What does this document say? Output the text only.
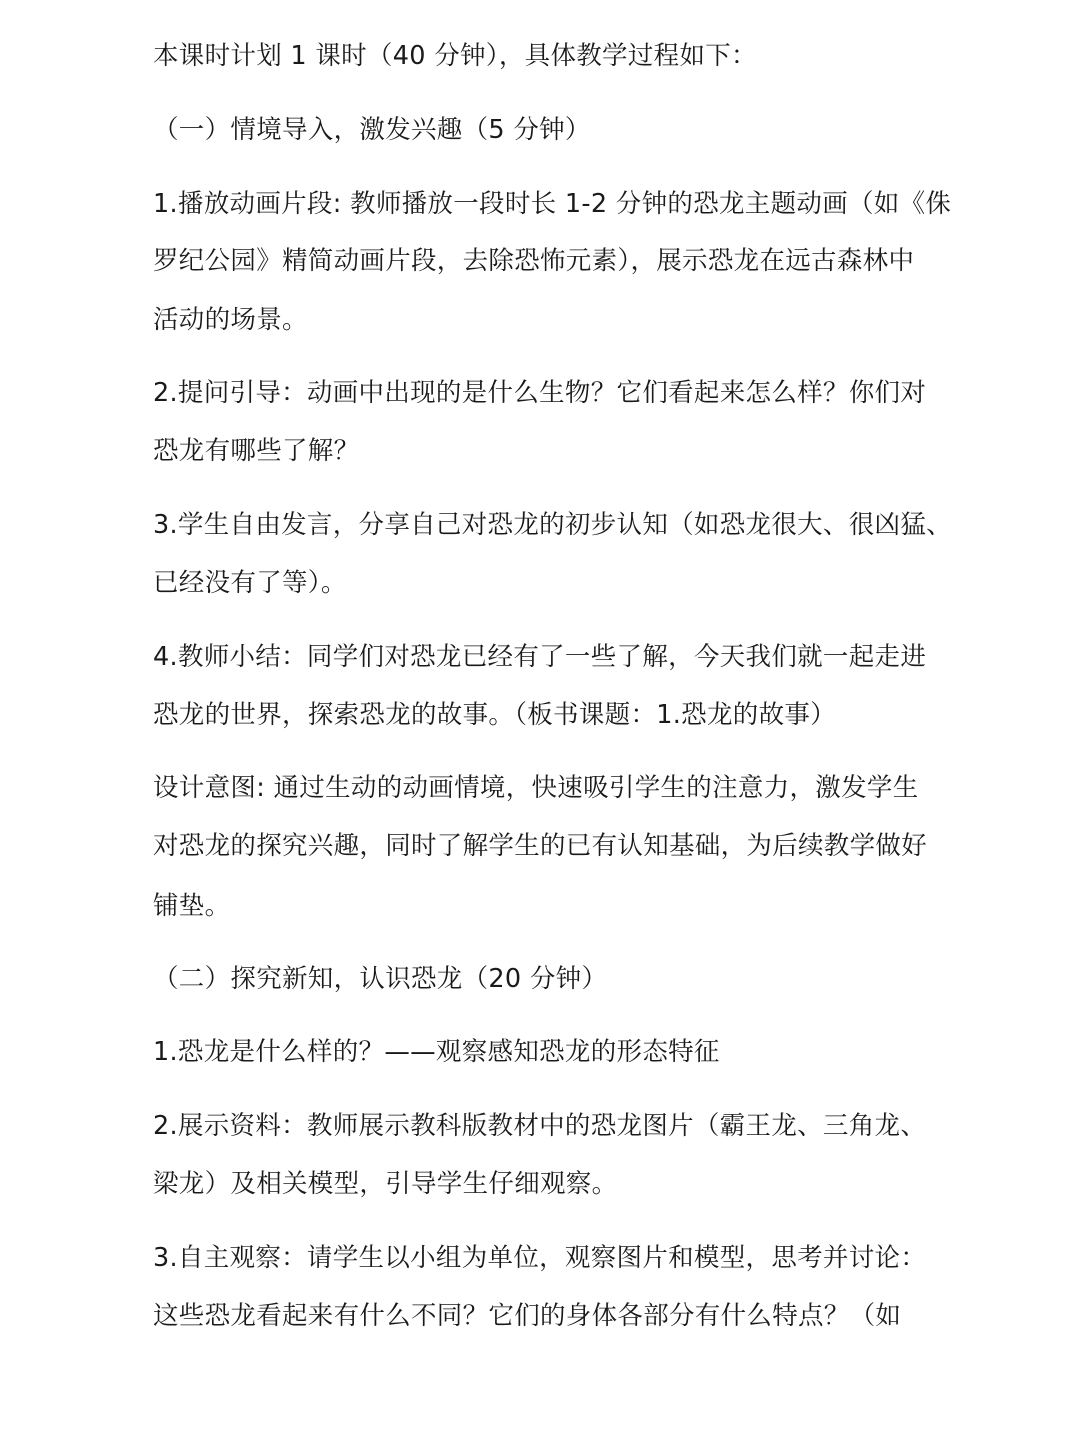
本课时计划 1 课时（40 分钟），具体教学过程如下：
（一）情境导入，激发兴趣（5 分钟）
1.播放动画片段: 教师播放一段时长 1-2 分钟的恐龙主题动画（如《侏
罗纪公园》精简动画片段，去除恐怖元素），展示恐龙在远古森林中
活动的场景。
2.提问引导：动画中出现的是什么生物？它们看起来怎么样？你们对
恐龙有哪些了解？
3.学生自由发言，分享自己对恐龙的初步认知（如恐龙很大、很凶猛、
已经没有了等）。
4.教师小结：同学们对恐龙已经有了一些了解，今天我们就一起走进
恐龙的世界，探索恐龙的故事。（板书课题：1.恐龙的故事）
设计意图: 通过生动的动画情境，快速吸引学生的注意力，激发学生
对恐龙的探究兴趣，同时了解学生的已有认知基础，为后续教学做好
铺垫。
（二）探究新知，认识恐龙（20 分钟）
1.恐龙是什么样的？——观察感知恐龙的形态特征
2.展示资料：教师展示教科版教材中的恐龙图片（霸王龙、三角龙、
梁龙）及相关模型，引导学生仔细观察。
3.自主观察：请学生以小组为单位，观察图片和模型，思考并讨论：
这些恐龙看起来有什么不同？它们的身体各部分有什么特点？（如
